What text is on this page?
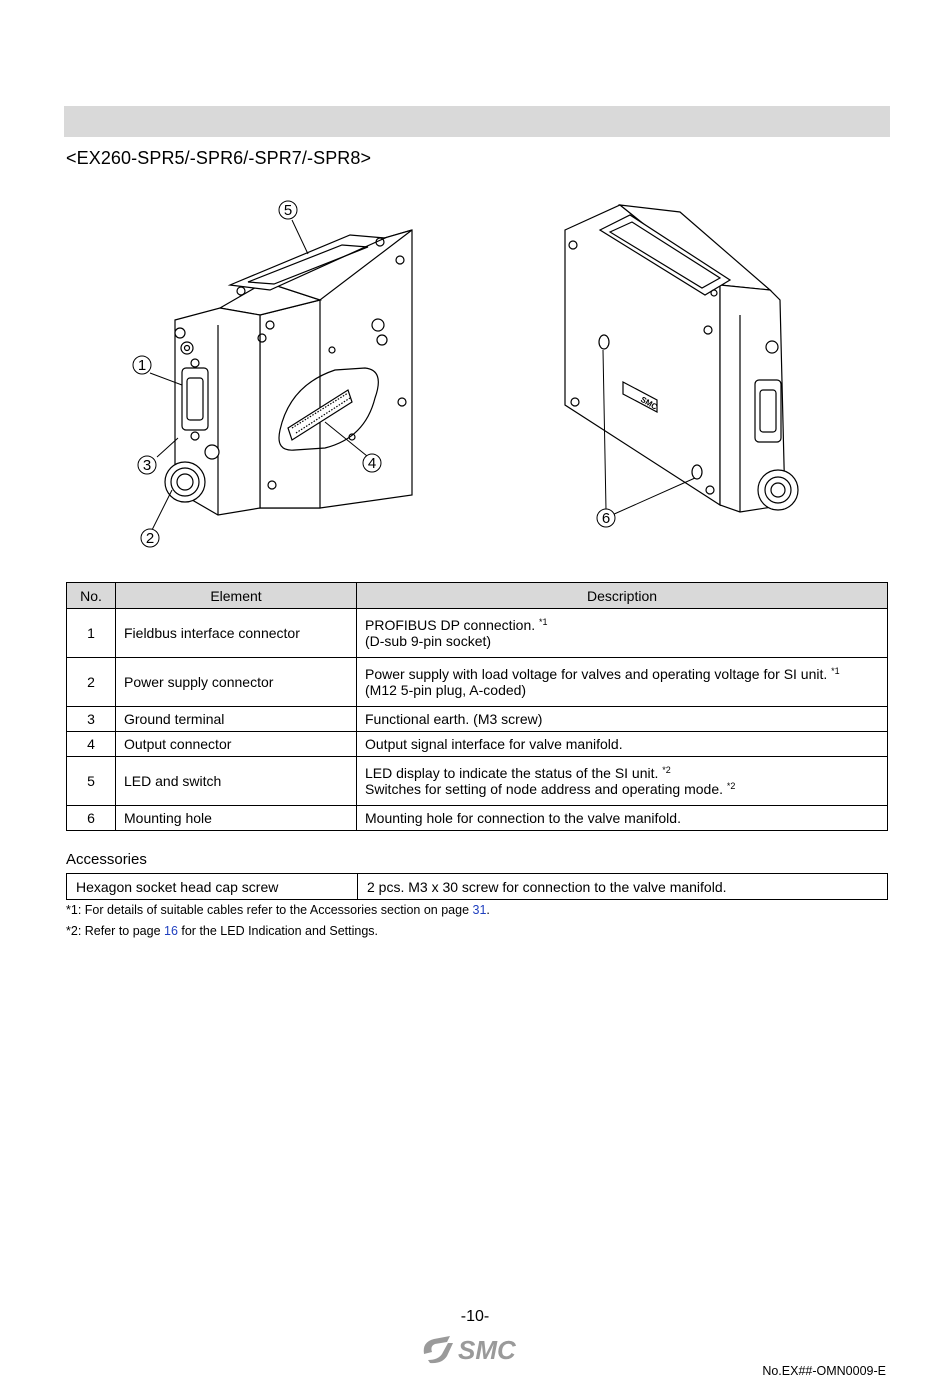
<EX260-SPR5/-SPR6/-SPR7/-SPR8>
SMC
5
1
3
2
4
6
No.	Element	Description
1	Fieldbus interface connector	PROFIBUS DP connection. $^{*1}$
(D-sub 9-pin socket)
2	Power supply connector	Power supply with load voltage for valves and operating voltage for SI unit. $^{*1}$
(M12 5-pin plug, A-coded)
3	Ground terminal	Functional earth. (M3 screw)
4	Output connector	Output signal interface for valve manifold.
5	LED and switch	LED display to indicate the status of the SI unit. $^{*2}$
Switches for setting of node address and operating mode. $^{*2}$
6	Mounting hole	Mounting hole for connection to the valve manifold.
Accessories
Hexagon socket head cap screw	2 pcs. M3 x 30 screw for connection to the valve manifold.
*1: For details of suitable cables refer to the Accessories section on page 31.
*2: Refer to page 16 for the LED Indication and Settings.
-10-
SMC
No.EX##-OMN0009-E
